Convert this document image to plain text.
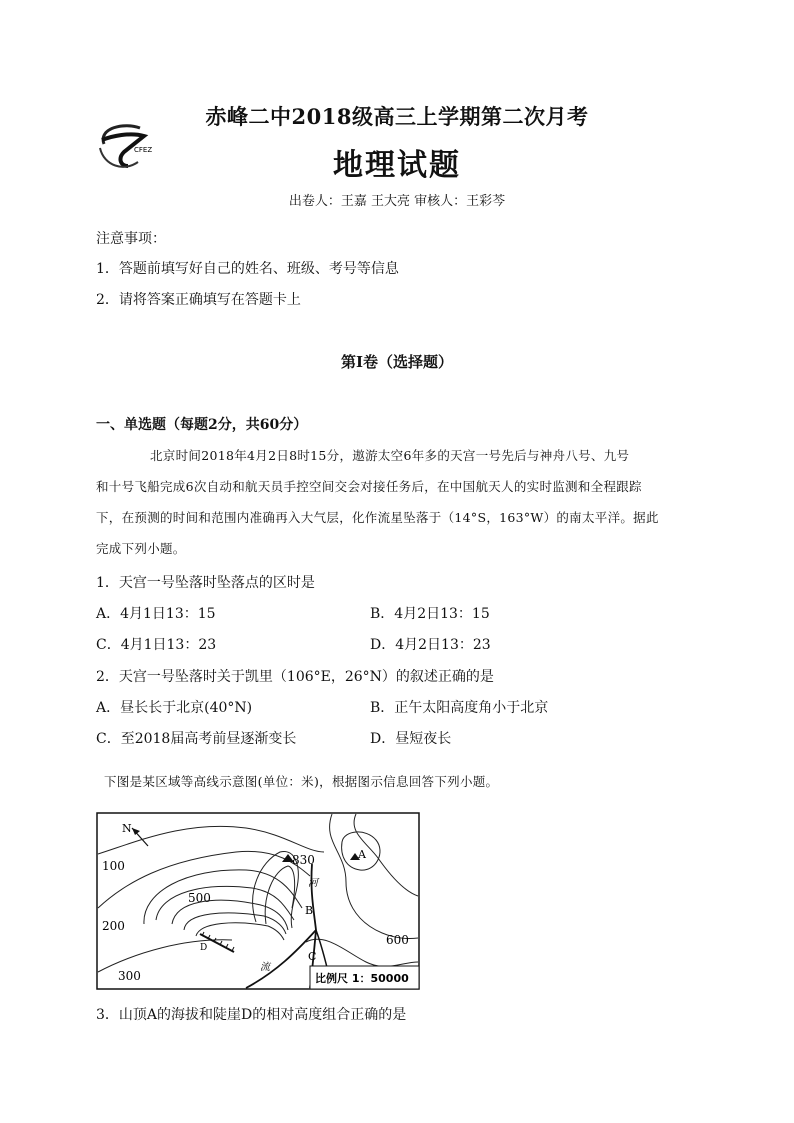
CFEZ
赤峰二中2018级高三上学期第二次月考
地理试题
出卷人：王嘉 王大亮 审核人：王彩芩
注意事项：
1．答题前填写好自己的姓名、班级、考号等信息
2．请将答案正确填写在答题卡上
第I卷（选择题）
一、单选题（每题2分，共60分）
北京时间2018年4月2日8时15分，遨游太空6年多的天宫一号先后与神舟八号、九号
和十号飞船完成6次自动和航天员手控空间交会对接任务后，在中国航天人的实时监测和全程跟踪
下，在预测的时间和范围内准确再入大气层，化作流星坠落于（14°S，163°W）的南太平洋。据此
完成下列小题。
1．天宫一号坠落时坠落点的区时是
A．4月1日13：15	B．4月2日13：15
C．4月1日13：23	D．4月2日13：23
2．天宫一号坠落时关于凯里（106°E，26°N）的叙述正确的是
A．昼长长于北京(40°N)	B．正午太阳高度角小于北京
C．至2018届高考前昼逐渐变长	D．昼短夜长
下图是某区域等高线示意图(单位：米)，根据图示信息回答下列小题。
N
100
200
300
500
600
830	A
B
C
D
河
流
比例尺 1：50000
3．山顶A的海拔和陡崖D的相对高度组合正确的是
